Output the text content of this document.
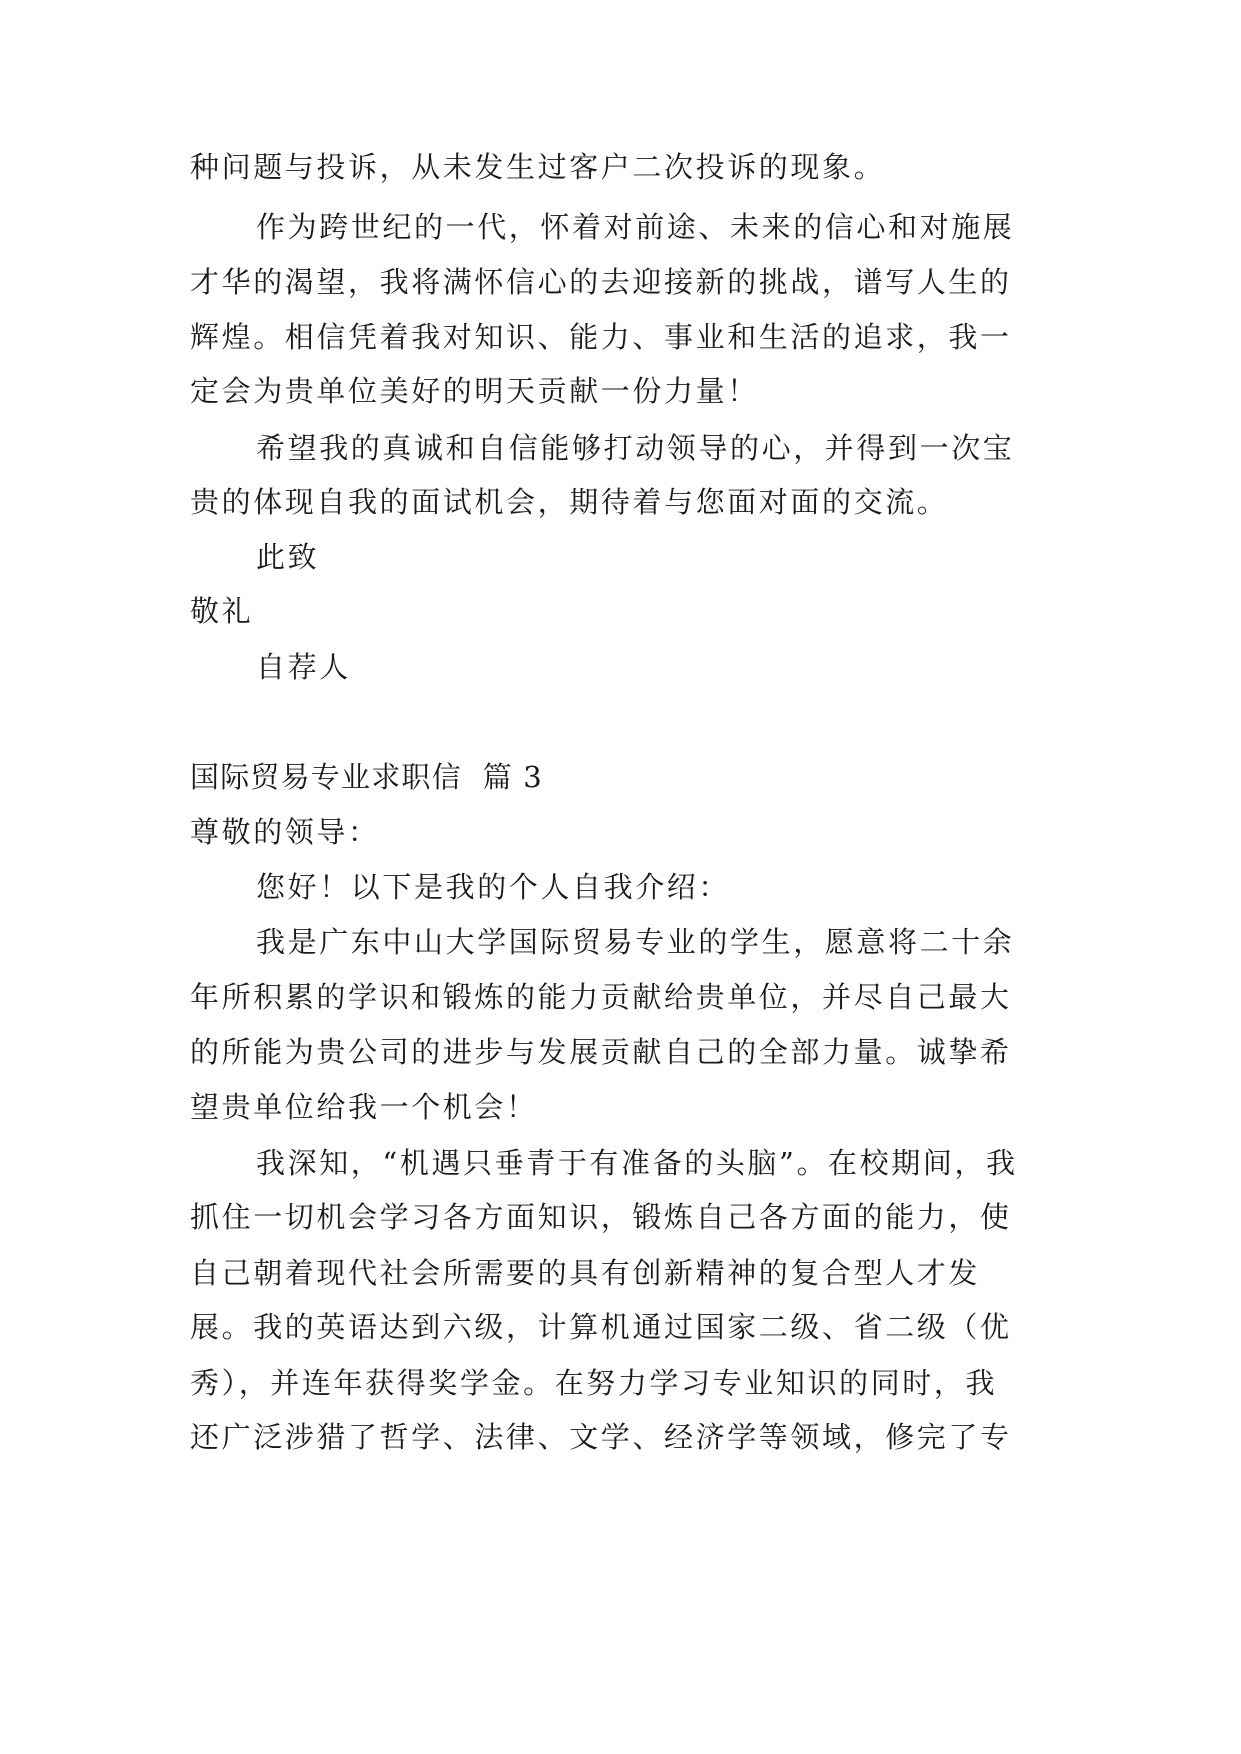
种问题与投诉，从未发生过客户二次投诉的现象。
作为跨世纪的一代，怀着对前途、未来的信心和对施展
才华的渴望，我将满怀信心的去迎接新的挑战，谱写人生的
辉煌。相信凭着我对知识、能力、事业和生活的追求，我一
定会为贵单位美好的明天贡献一份力量！
希望我的真诚和自信能够打动领导的心，并得到一次宝
贵的体现自我的面试机会，期待着与您面对面的交流。
此致
敬礼
自荐人
国际贸易专业求职信  篇 3
尊敬的领导：
您好！以下是我的个人自我介绍：
我是广东中山大学国际贸易专业的学生，愿意将二十余
年所积累的学识和锻炼的能力贡献给贵单位，并尽自己最大
的所能为贵公司的进步与发展贡献自己的全部力量。诚挚希
望贵单位给我一个机会！
我深知，“机遇只垂青于有准备的头脑”。在校期间，我
抓住一切机会学习各方面知识，锻炼自己各方面的能力，使
自己朝着现代社会所需要的具有创新精神的复合型人才发
展。我的英语达到六级，计算机通过国家二级、省二级（优
秀），并连年获得奖学金。在努力学习专业知识的同时，我
还广泛涉猎了哲学、法律、文学、经济学等领域，修完了专
